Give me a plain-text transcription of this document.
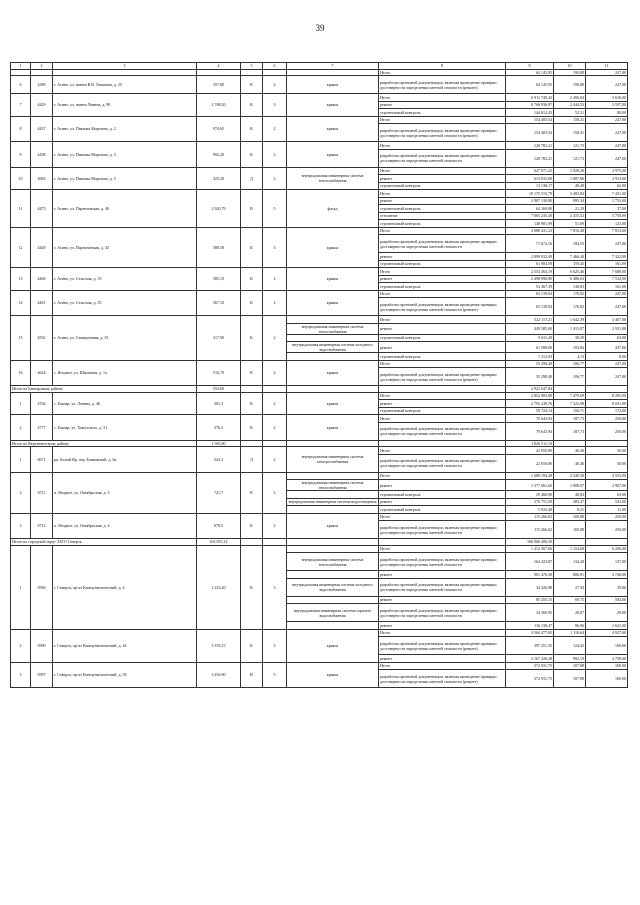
39
1	2	3	4	5	6	7	8	9	10	11
							Итого	64 145,95	190,88	247,00
6	4399	г. Асино, ул. имени В.В. Липатова, д. 25	357,00	К	2	крыша	разработка проектной документации, включая проведение проверки достоверности определения сметной стоимости (ремонт)	64 145,95	190,88	247,00
7	4429	г. Асино, ул. имени Ленина, д. 90	2 768,20	К	3	крыша	Итого	6 911 749,42	2 496,84	3 616,00
							ремонт	6 766 936,97	2 444,53	3 597,00
							строительный контроль	144 812,45	52,31	80,00
8	4437	г. Асино, ул. Павлика Морозова, д. 2	974,65	К	2	крыша	Итого	154 403,54	158,41	247,00
							разработка проектной документации, включая проведение проверки достоверности определения сметной стоимости (ремонт)	154 403,54	158,41	247,00
9	4438	г. Асино, ул. Павлика Морозова, д. 3	992,20	К	2	крыша	Итого	120 782,21	121,73	247,00
							разработка проектной документации, включая проведение проверки достоверности определения сметной стоимости	120 782,21	121,73	247,00
10	4683	г. Асино, ул. Павлика Морозова, д. 5	325,20	Д	2	внутридомовая инженерная система теплоснабжения	Итого	627 071,25	1 928,26	2 975,00
							ремонт	613 933,08	1 887,86	2 913,00
							строительный контроль	13 138,17	40,40	62,00
11	4475	г. Асино, ул. Партизанская, д. 40	2 920,79	В	5	фасад	Итого	10 175 515,79	3 483,84	7 431,00
							ремонт	2 907 130,80	995,34	1 753,00
							строительный контроль	62 169,00	21,29	37,00
							утепление	7 065 235,30	2 415,52	5 758,00
							строительный контроль	140 981,99	51,69	123,00
12	4449	г. Асино, ул. Партизанская, д. 45	388,58	К	3	крыша	Итого	3 088 431,23	7 810,48	7 813,00
							разработка проектной документации, включая проведение проверки достоверности определения сметной стоимости	71 674,16	184,55	247,00
							ремонт	2 899 032,49	7 466,40	7 322,00
							строительный контроль	61 904,58	159,45	161,00
13	4460	г. Асино, ул. Сельская, д. 53	385,10	К	2	крыша	Итого	2 554 464,19	6 625,46	7 688,00
							ремонт	2 498 996,80	6 486,63	7 532,00
							строительный контроль	53 467,39	138,83	161,00
14	4461	г. Асино, ул. Сельская, д. 55	367,10	К	2	крыша	Итого	63 139,04	176,82	247,00
							разработка проектной документации, включая проведение проверки достоверности определения сметной стоимости (ремонт)	63 139,04	176,82	247,00
15	4552	г. Асино, ул. Станционная, д. 35	317,90	К	2		Итого	522 117,21	1 642,39	3 467,00
						внутридомовая инженерная система теплоснабжения	ремонт	449 585,00	1 415,87	2 931,00
							строительный контроль	9 631,28	30,29	63,00
						внутридомовая инженерная система холодного водоснабжения	ремонт	61 588,00	193,84	437,00
							строительный контроль	1 312,93	4,13	8,00
16	4624	с. Ягодное, ул. Школьная, д. 1а	516,70	К	2	крыша	Итого	55 298,40	106,77	247,00
							разработка проектной документации, включая проведение проверки достоверности определения сметной стоимости (ремонт)	55 298,40	106,77	247,00
Итого по Бакчарскому району			553,60					2 922 647,84		
1	4764	с. Бакчар, ул. Ленина, д. 46	381,3	К	2	крыша	Итого	2 852 903,90	7 479,69	8 205,00
							ремонт	2 792 249,76	7 322,98	8 031,00
							строительный контроль	59 724,14	156,71	172,00
2	4777	с. Бакчар, ул. Хомутского, д. 51	376,3	К	2	крыша	Итого	70 643,94	187,73	250,00
							разработка проектной документации, включая проведение проверки достоверности определения сметной стоимости	70 643,94	187,73	250,00
Итого по Верхнекетскому району			1 945,80					1 826 511,10		
1	6671	рп. Белый Яр, пер. Банковский, д. 6а	543,3	Д	2	внутридомовая инженерная система электроснабжения	Итого	22 050,80	40,46	50,00
							разработка проектной документации, включая проведение проверки достоверности определения сметной стоимости	22 050,80	40,46	50,00
2	6711	п. Ягодное, ул. Октябрьская, д. 3	721,7	К	3		Итого	1 689 194,28	2 340,58	3 553,00
						внутридомовая инженерная система теплоснабжения	ремонт	1 377 061,60	1 908,07	2 967,00
							строительный контроль	29 468,90	40,83	63,00
						внутридомовая инженерная система водоотведения	ремонт	276 751,30	383,47	523,00
							строительный контроль	5 922,48	8,21	11,00
3	6712	п. Ягодное, ул. Октябрьская, д. 4	678,5	К	2	крыша	Итого	115 266,02	169,88	250,00
							разработка проектной документации, включая проведение проверки достоверности определения сметной стоимости	115 266,02	169,88	250,00
Итого по городской округ ЗАТО Северск			102 053,14					166 960 406,50		
1	5956	г. Северск, пр-кт Коммунистический, д. 4	1 223,20	К	3		Итого	1 412 367,06	1 154,68	6 206,00
						внутридомовая инженерная система теплоснабжения	разработка проектной документации, включая проведение проверки достоверности определения сметной стоимости	164 423,87	134,28	137,00
							ремонт	901 476,38	806,81	3 746,00
						внутридомовая инженерная система холодного водоснабжения	разработка проектной документации, включая проведение проверки достоверности определения сметной стоимости	34 326,98	27,94	29,00
							ремонт	85 455,15	69,75	584,00
						внутридомовая инженерная система горячего водоснабжения	разработка проектной документации, включая проведение проверки достоверности определения сметной стоимости	34 369,95	28,07	29,00
							ремонт	116 138,47	96,96	1 641,00
2	5990	г. Северск, пр-кт Коммунистический, д. 44	3 193,15	К	3	крыша	Итого	3 564 477,65	1 116,64	4 927,00
							разработка проектной документации, включая проведение проверки достоверности определения сметной стоимости (ремонт)	397 251,35	124,45	169,00
							ремонт	3 167 226,28	992,19	4 758,00
3	5997	г. Северск, пр-кт Коммунистический, д. 58	3 456,90	В	5	крыша	Итого	372 931,75	107,88	169,00
							разработка проектной документации, включая проведение проверки достоверности определения сметной стоимости (ремонт)	372 931,75	107,88	169,00
